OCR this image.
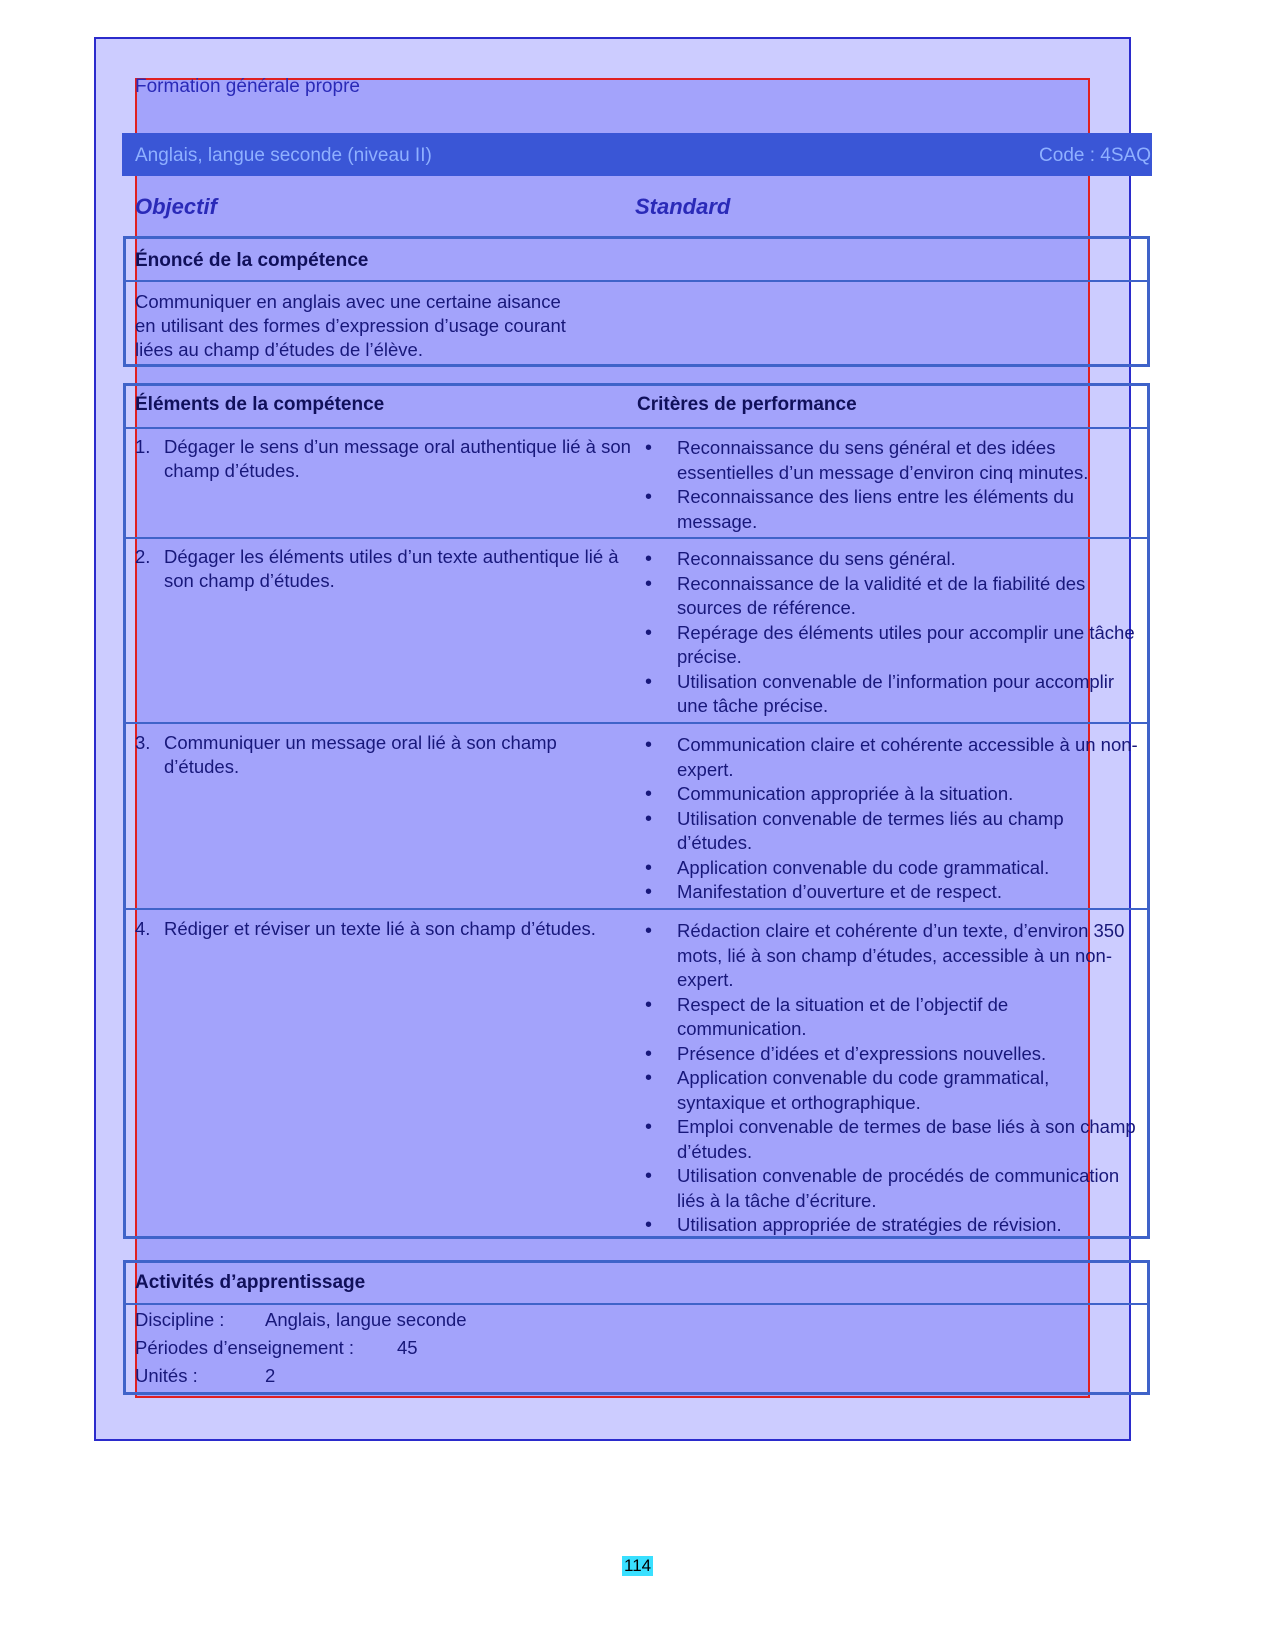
Formation générale propre
Anglais, langue seconde (niveau II)	Code : 4SAQ
Objectif	Standard
Énoncé de la compétence
Communiquer en anglais avec une certaine aisance
en utilisant des formes d’expression d’usage courant
liées au champ d’études de l’élève.
Éléments de la compétence	Critères de performance
1. Dégager le sens d’un message oral authentique lié à son champ d’études.
• Reconnaissance du sens général et des idées essentielles d’un message d’environ cinq minutes.
• Reconnaissance des liens entre les éléments du message.
2. Dégager les éléments utiles d’un texte authentique lié à son champ d’études.
• Reconnaissance du sens général.
• Reconnaissance de la validité et de la fiabilité des sources de référence.
• Repérage des éléments utiles pour accomplir une tâche précise.
• Utilisation convenable de l’information pour accomplir une tâche précise.
3. Communiquer un message oral lié à son champ d’études.
• Communication claire et cohérente accessible à un non-expert.
• Communication appropriée à la situation.
• Utilisation convenable de termes liés au champ d’études.
• Application convenable du code grammatical.
• Manifestation d’ouverture et de respect.
4. Rédiger et réviser un texte lié à son champ d’études.
•	Rédaction claire et cohérente d’un texte, d’environ 350 mots, lié à son champ d’études, accessible à un non-expert.
• Respect de la situation et de l’objectif de communication.
• Présence d’idées et d’expressions nouvelles.
• Application convenable du code grammatical, syntaxique et orthographique.
• Emploi convenable de termes de base liés à son champ d’études.
• Utilisation convenable de procédés de communication liés à la tâche d’écriture.
• Utilisation appropriée de stratégies de révision.
Activités d’apprentissage
Discipline : Anglais, langue seconde
Périodes d’enseignement : 45
Unités :	2
114
